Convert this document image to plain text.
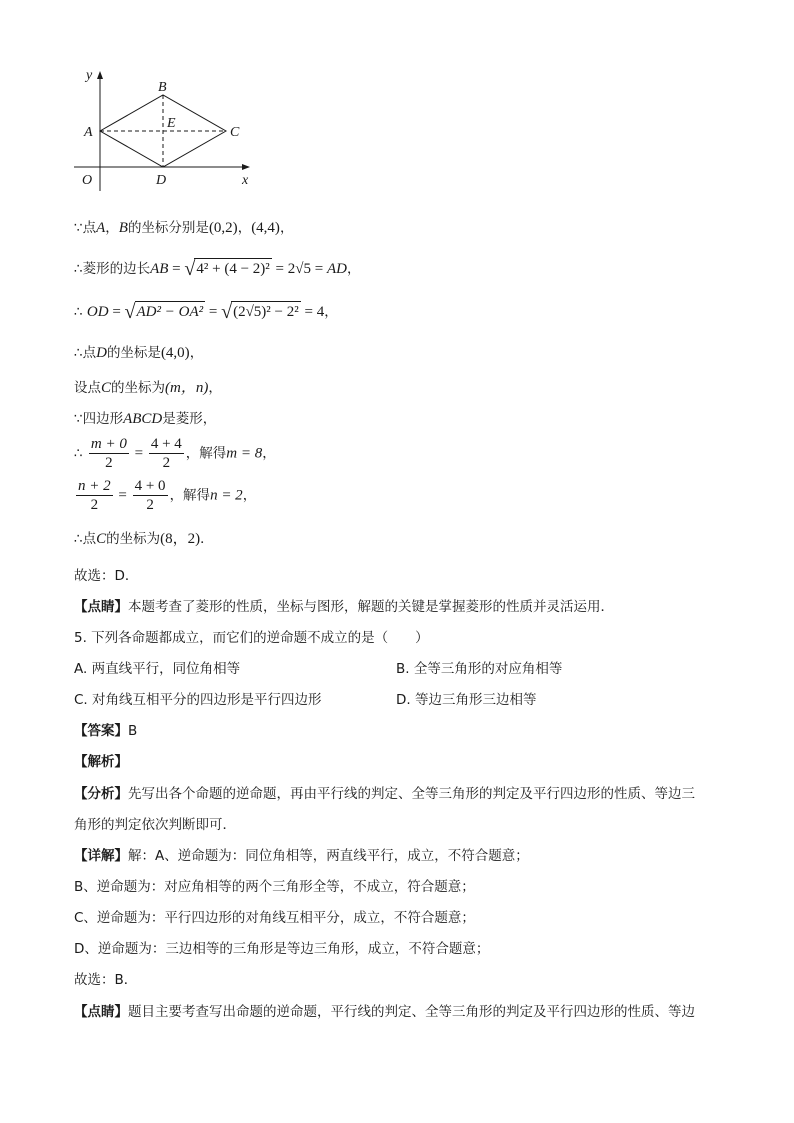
y
B
A
E
C
O	D	x
∵点A，B的坐标分别是(0,2)，(4,4)，
∴菱形的边长AB = √ 4² + (4 − 2)² = 2√5 = AD，
∴ OD = √ AD² − OA² = √ (2√5)² − 2² = 4，
∴点D的坐标是(4,0)，
设点C的坐标为(m，n)，
∵四边形ABCD是菱形，
∴ $\frac{m + 0}{2} = \frac{4 + 4}{2}$ ，解得m = 8，
$\frac{n + 2}{2} = \frac{4 + 0}{2}$ ，解得n = 2，
∴点C的坐标为(8，2)．
故选：D．
【点睛】本题考查了菱形的性质，坐标与图形，解题的关键是掌握菱形的性质并灵活运用．
5. 下列各命题都成立，而它们的逆命题不成立的是（　　）
A. 两直线平行，同位角相等	B. 全等三角形的对应角相等
C. 对角线互相平分的四边形是平行四边形	D. 等边三角形三边相等
【答案】B
【解析】
【分析】先写出各个命题的逆命题，再由平行线的判定、全等三角形的判定及平行四边形的性质、等边三
角形的判定依次判断即可．
【详解】解：A、逆命题为：同位角相等，两直线平行，成立，不符合题意；
B、逆命题为：对应角相等的两个三角形全等，不成立，符合题意；
C、逆命题为：平行四边形的对角线互相平分，成立，不符合题意；
D、逆命题为：三边相等的三角形是等边三角形，成立，不符合题意；
故选：B．
【点睛】题目主要考查写出命题的逆命题，平行线的判定、全等三角形的判定及平行四边形的性质、等边
